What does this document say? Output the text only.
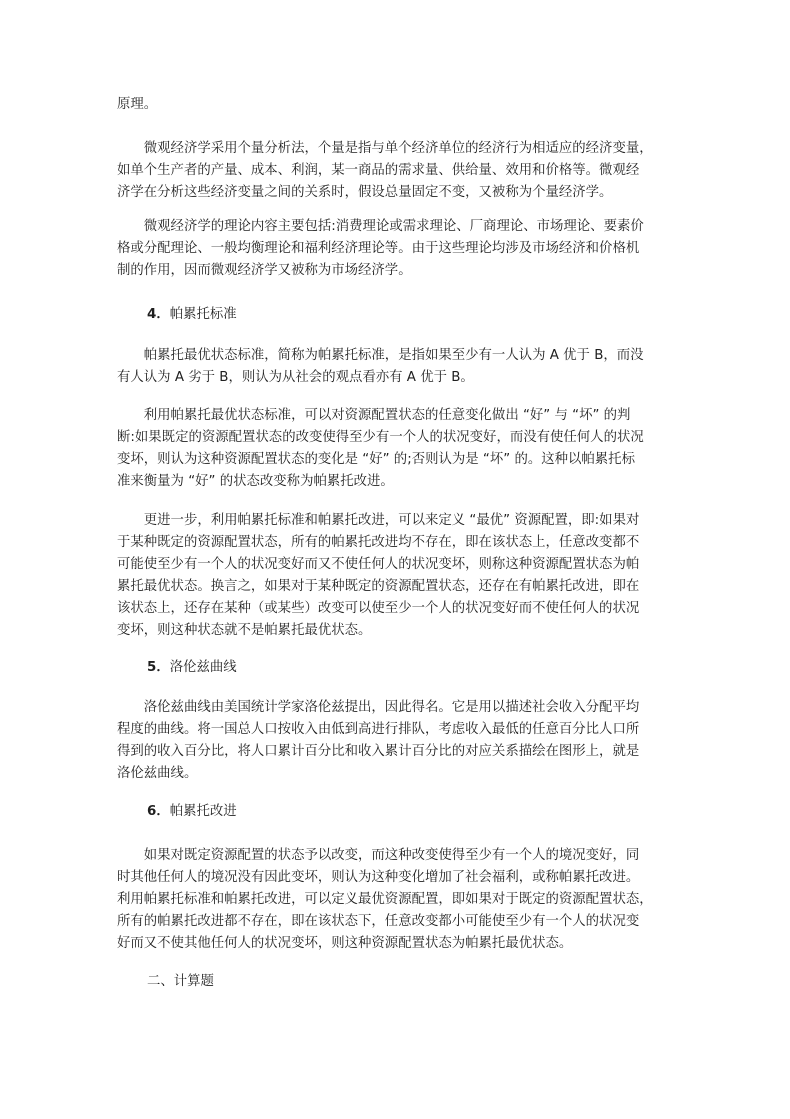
原理。
　　微观经济学采用个量分析法，个量是指与单个经济单位的经济行为相适应的经济变量，
如单个生产者的产量、成本、利润，某一商品的需求量、供给量、效用和价格等。微观经
济学在分析这些经济变量之间的关系时，假设总量固定不变，又被称为个量经济学。
　　微观经济学的理论内容主要包括:消费理论或需求理论、厂商理论、市场理论、要素价
格或分配理论、一般均衡理论和福利经济理论等。由于这些理论均涉及市场经济和价格机
制的作用，因而微观经济学又被称为市场经济学。
4．帕累托标准
　　帕累托最优状态标准，简称为帕累托标准，是指如果至少有一人认为 A 优于 B，而没
有人认为 A 劣于 B，则认为从社会的观点看亦有 A 优于 B。
　　利用帕累托最优状态标准，可以对资源配置状态的任意变化做出 “好” 与 “坏” 的判
断:如果既定的资源配置状态的改变使得至少有一个人的状况变好，而没有使任何人的状况
变坏，则认为这种资源配置状态的变化是 “好” 的;否则认为是 “坏” 的。这种以帕累托标
准来衡量为 “好” 的状态改变称为帕累托改进。
　　更进一步，利用帕累托标准和帕累托改进，可以来定义 “最优” 资源配置，即:如果对
于某种既定的资源配置状态，所有的帕累托改进均不存在，即在该状态上，任意改变都不
可能使至少有一个人的状况变好而又不使任何人的状况变坏，则称这种资源配置状态为帕
累托最优状态。换言之，如果对于某种既定的资源配置状态，还存在有帕累托改进，即在
该状态上，还存在某种（或某些）改变可以使至少一个人的状况变好而不使任何人的状况
变坏，则这种状态就不是帕累托最优状态。
5．洛伦兹曲线
　　洛伦兹曲线由美国统计学家洛伦兹提出，因此得名。它是用以描述社会收入分配平均
程度的曲线。将一国总人口按收入由低到高进行排队，考虑收入最低的任意百分比人口所
得到的收入百分比，将人口累计百分比和收入累计百分比的对应关系描绘在图形上，就是
洛伦兹曲线。
6．帕累托改进
　　如果对既定资源配置的状态予以改变，而这种改变使得至少有一个人的境况变好，同
时其他任何人的境况没有因此变坏，则认为这种变化增加了社会福利，或称帕累托改进。
利用帕累托标准和帕累托改进，可以定义最优资源配置，即如果对于既定的资源配置状态，
所有的帕累托改进都不存在，即在该状态下，任意改变都小可能使至少有一个人的状况变
好而又不使其他任何人的状况变坏，则这种资源配置状态为帕累托最优状态。
二、计算题
